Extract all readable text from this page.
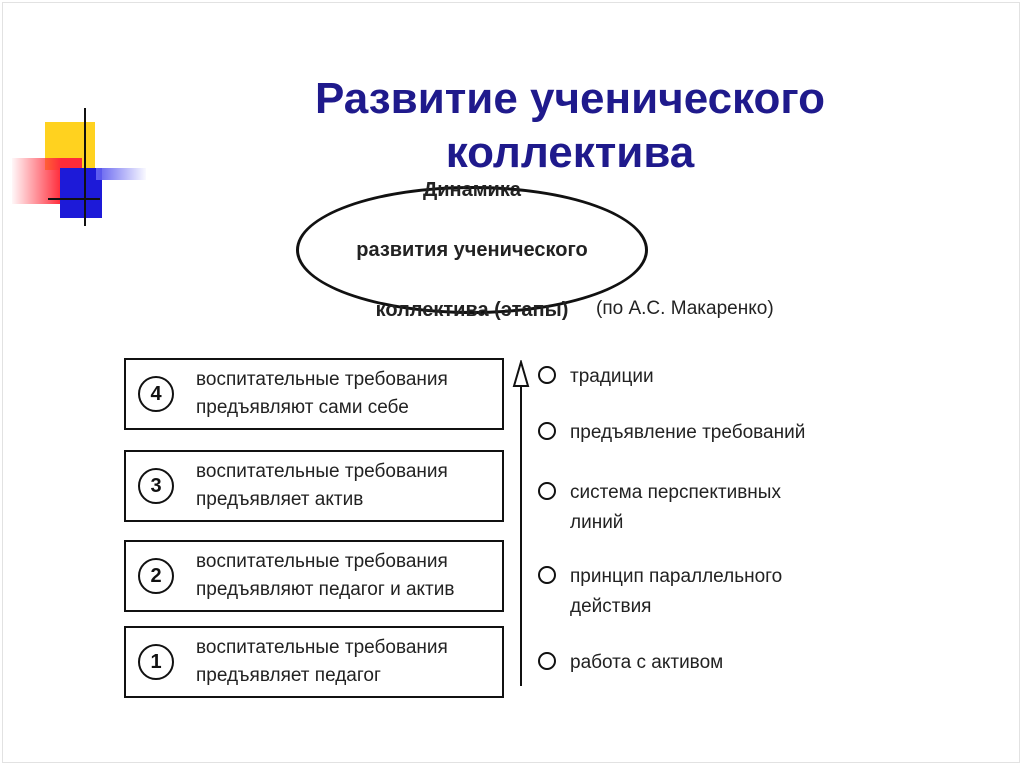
Развитие ученического
коллектива

Динамика

развития ученического

коллектива (этапы)	(по А.С. Макаренко)
4
воспитательные требования
предъявляют сами себе
3
воспитательные требования
предъявляет актив
2
воспитательные требования
предъявляют педагог и актив
1
воспитательные требования
предъявляет педагог
традиции
предъявление требований
система перспективных
линий
принцип параллельного
действия
работа с активом
